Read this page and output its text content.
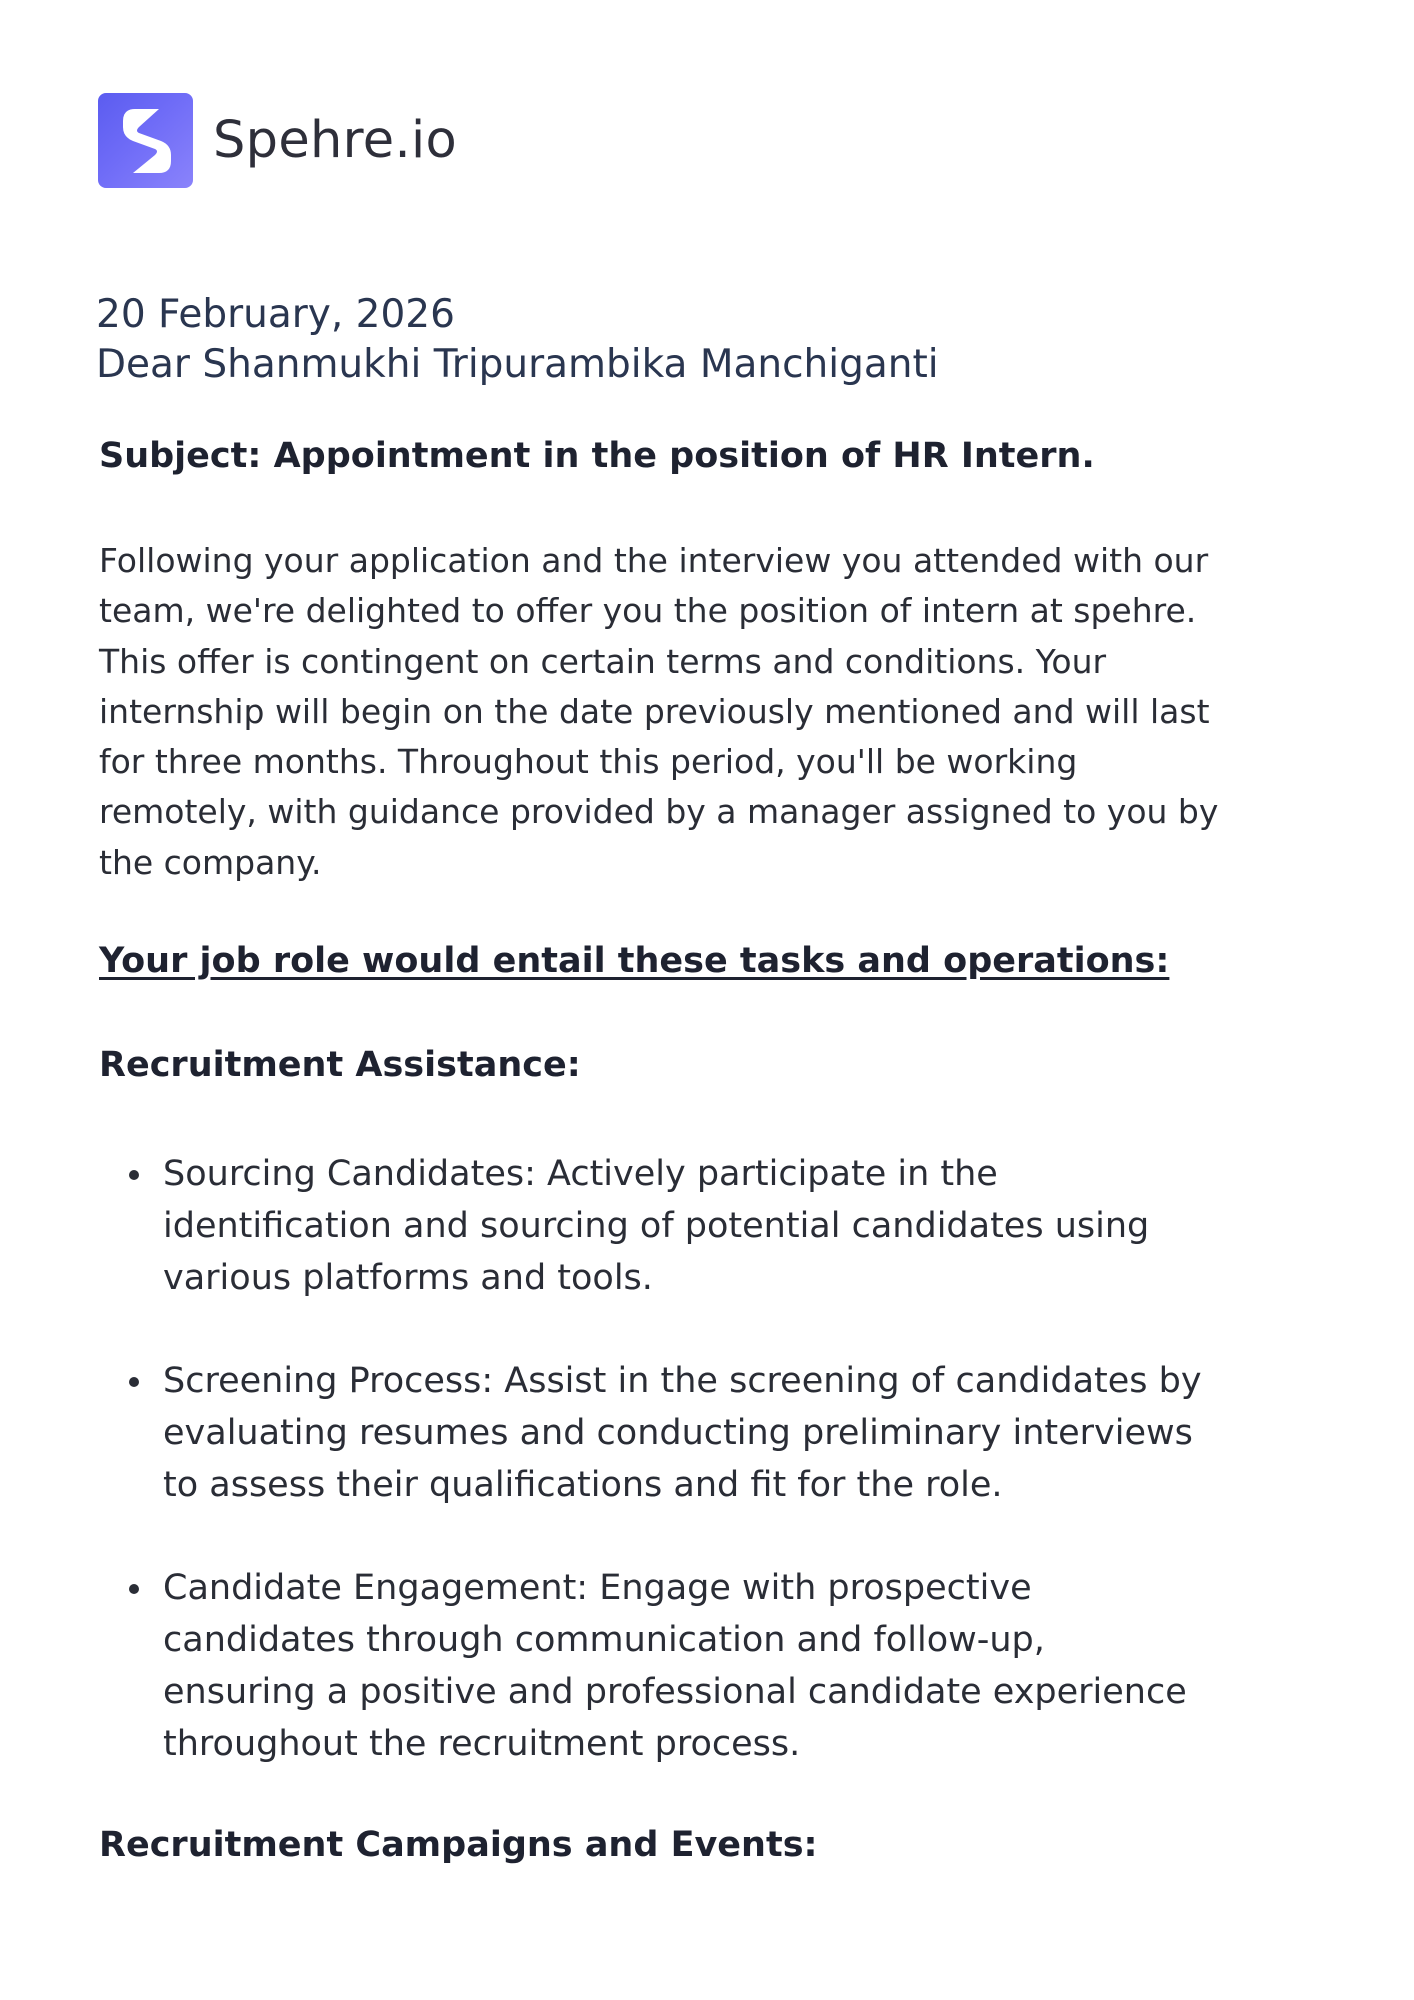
Spehre.io
20 February, 2026
Dear Shanmukhi Tripurambika Manchiganti
Subject: Appointment in the position of HR Intern.

Following your application and the interview you attended with our
team, we're delighted to offer you the position of intern at spehre.
This offer is contingent on certain terms and conditions. Your
internship will begin on the date previously mentioned and will last
for three months. Throughout this period, you'll be working
remotely, with guidance provided by a manager assigned to you by
the company.

Your job role would entail these tasks and operations:
Recruitment Assistance:

Sourcing Candidates: Actively participate in the
identification and sourcing of potential candidates using
various platforms and tools.

Screening Process: Assist in the screening of candidates by
evaluating resumes and conducting preliminary interviews
to assess their qualifications and fit for the role.

Candidate Engagement: Engage with prospective
candidates through communication and follow-up,
ensuring a positive and professional candidate experience
throughout the recruitment process.

Recruitment Campaigns and Events:
